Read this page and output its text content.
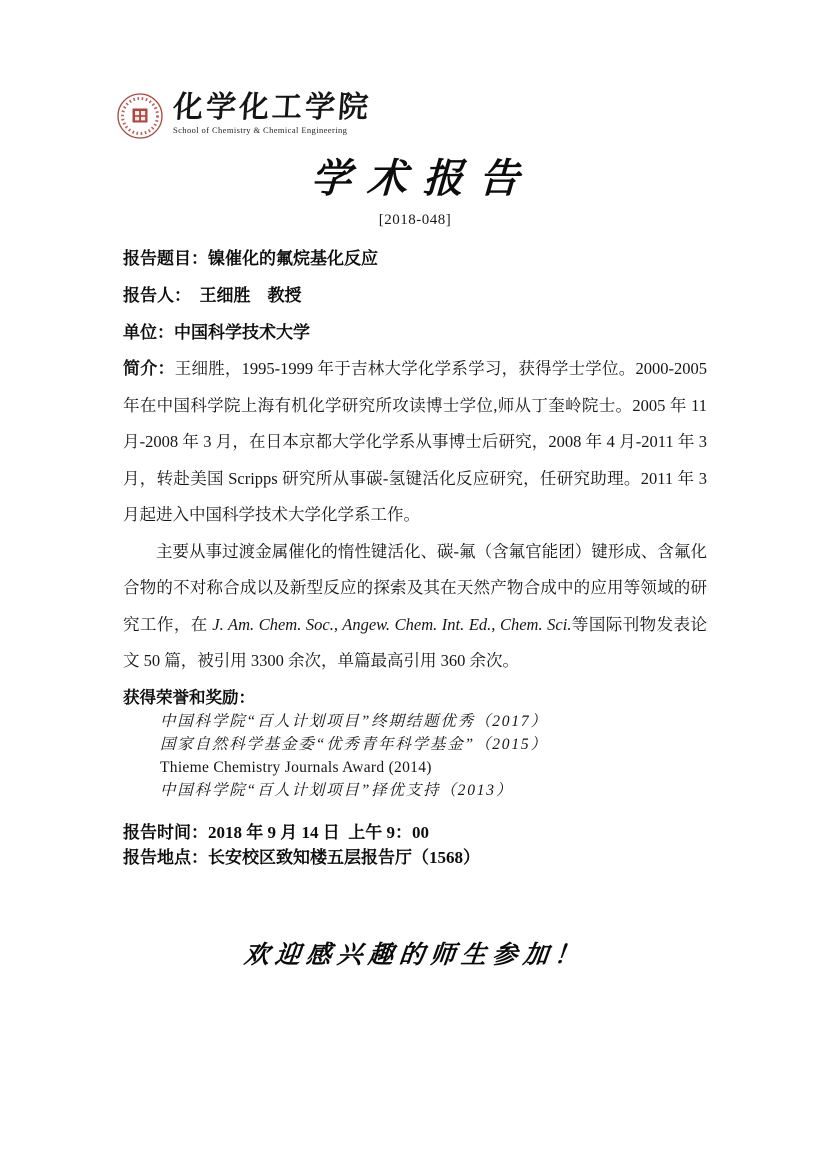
化学化工学院
School of Chemistry & Chemical Engineering
学术报告
[2018-048]
报告题目：镍催化的氟烷基化反应
报告人：　王细胜　教授
单位：中国科学技术大学

简介：王细胜，1995-1999 年于吉林大学化学系学习，获得学士学位。2000-2005 年在中国科学院上海有机化学研究所攻读博士学位,师从丁奎岭院士。2005 年 11 月-2008 年 3 月，在日本京都大学化学系从事博士后研究，2008 年 4 月-2011 年 3 月，转赴美国 Scripps 研究所从事碳-氢键活化反应研究，任研究助理。2011 年 3 月起进入中国科学技术大学化学系工作。

主要从事过渡金属催化的惰性键活化、碳-氟（含氟官能团）键形成、含氟化合物的不对称合成以及新型反应的探索及其在天然产物合成中的应用等领域的研究工作，在 J. Am. Chem. Soc., Angew. Chem. Int. Ed., Chem. Sci.等国际刊物发表论文 50 篇，被引用 3300 余次，单篇最高引用 360 余次。

获得荣誉和奖励：
中国科学院“百人计划项目”终期结题优秀（2017）
国家自然科学基金委“优秀青年科学基金”（2015）
Thieme Chemistry Journals Award (2014)
中国科学院“百人计划项目”择优支持（2013）
报告时间：2018 年 9 月 14 日  上午 9：00
报告地点：长安校区致知楼五层报告厅（1568）
欢迎感兴趣的师生参加！
